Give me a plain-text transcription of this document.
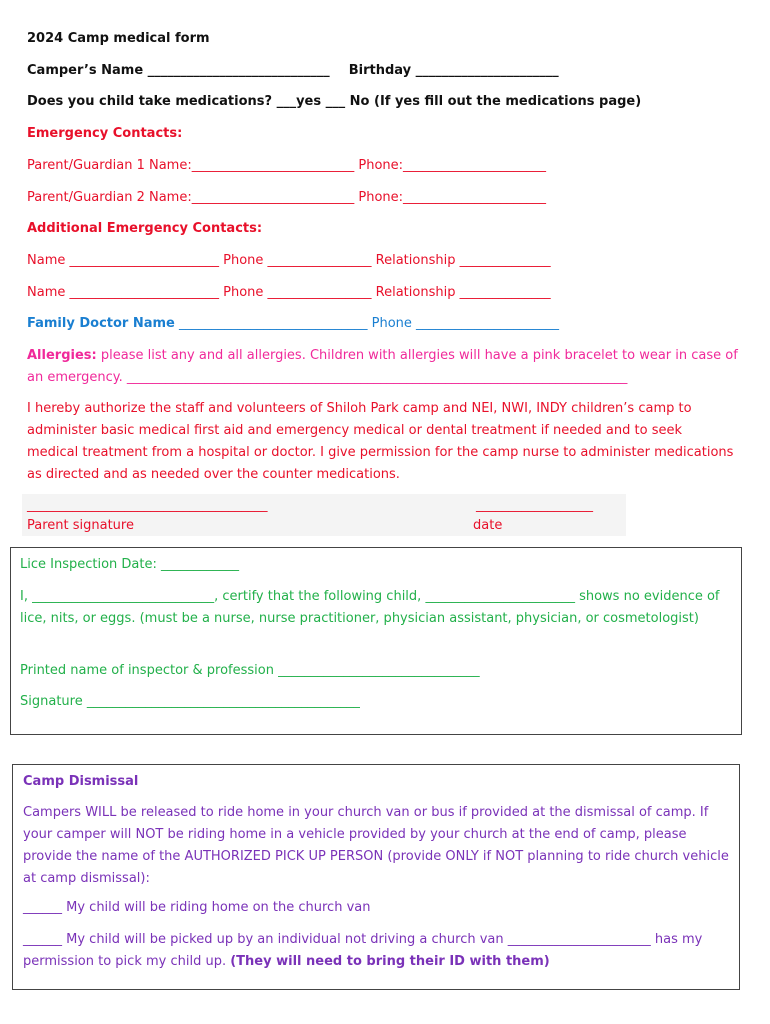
2024 Camp medical form
Camper’s Name ____________________________ Birthday ______________________
Does you child take medications? ___yes ___ No (If yes fill out the medications page)
Emergency Contacts:
Parent/Guardian 1 Name:_________________________ Phone:______________________
Parent/Guardian 2 Name:_________________________ Phone:______________________
Additional Emergency Contacts:
Name _______________________ Phone ________________ Relationship ______________
Name _______________________ Phone ________________ Relationship ______________
Family Doctor Name _____________________________ Phone ______________________
Allergies: please list any and all allergies. Children with allergies will have a pink bracelet to wear in case of an emergency. _____________________________________________________________________________
I hereby authorize the staff and volunteers of Shiloh Park camp and NEI, NWI, INDY children’s camp to administer basic medical first aid and emergency medical or dental treatment if needed and to seek medical treatment from a hospital or doctor. I give permission for the camp nurse to administer medications as directed and as needed over the counter medications.
_____________________________________	__________________
Parent signature	date
Lice Inspection Date: ____________
I, ____________________________, certify that the following child, _______________________ shows no evidence of lice, nits, or eggs. (must be a nurse, nurse practitioner, physician assistant, physician, or cosmetologist)
Printed name of inspector & profession _______________________________
Signature __________________________________________
Camp Dismissal
Campers WILL be released to ride home in your church van or bus if provided at the dismissal of camp. If your camper will NOT be riding home in a vehicle provided by your church at the end of camp, please provide the name of the AUTHORIZED PICK UP PERSON (provide ONLY if NOT planning to ride church vehicle at camp dismissal):
______ My child will be riding home on the church van
______ My child will be picked up by an individual not driving a church van ______________________ has my permission to pick my child up. (They will need to bring their ID with them)
